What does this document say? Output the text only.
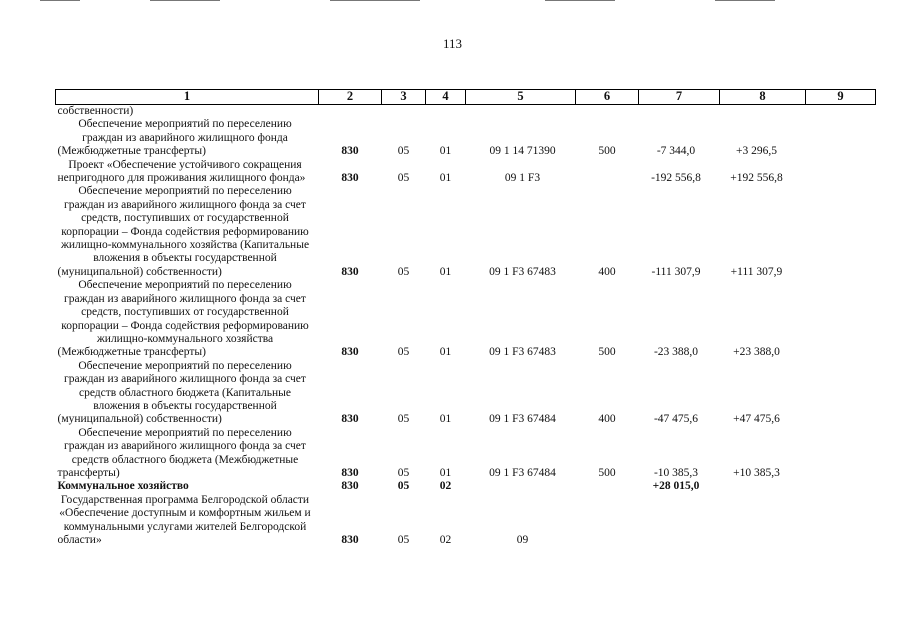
113
1	2	3	4	5	6	7	8	9
собственности)								
Обеспечение мероприятий по переселению граждан из аварийного жилищного фонда (Межбюджетные трансферты)	830	05	01	09 1 14 71390	500	-7 344,0	+3 296,5	
Проект «Обеспечение устойчивого сокращения непригодного для проживания жилищного фонда»	830	05	01	09 1 F3		-192 556,8	+192 556,8	
Обеспечение мероприятий по переселению граждан из аварийного жилищного фонда за счет средств, поступивших от государственной корпорации – Фонда содействия реформированию жилищно-коммунального хозяйства (Капитальные вложения в объекты государственной (муниципальной) собственности)	830	05	01	09 1 F3 67483	400	-111 307,9	+111 307,9	
Обеспечение мероприятий по переселению граждан из аварийного жилищного фонда за счет средств, поступивших от государственной корпорации – Фонда содействия реформированию жилищно-коммунального хозяйства (Межбюджетные трансферты)	830	05	01	09 1 F3 67483	500	-23 388,0	+23 388,0	
Обеспечение мероприятий по переселению граждан из аварийного жилищного фонда за счет средств областного бюджета (Капитальные вложения в объекты государственной (муниципальной) собственности)	830	05	01	09 1 F3 67484	400	-47 475,6	+47 475,6	
Обеспечение мероприятий по переселению граждан из аварийного жилищного фонда за счет средств областного бюджета (Межбюджетные трансферты)	830	05	01	09 1 F3 67484	500	-10 385,3	+10 385,3	
Коммунальное хозяйство	830	05	02			+28 015,0		
Государственная программа Белгородской области «Обеспечение доступным и комфортным жильем и коммунальными услугами жителей Белгородской области»	830	05	02	09				
